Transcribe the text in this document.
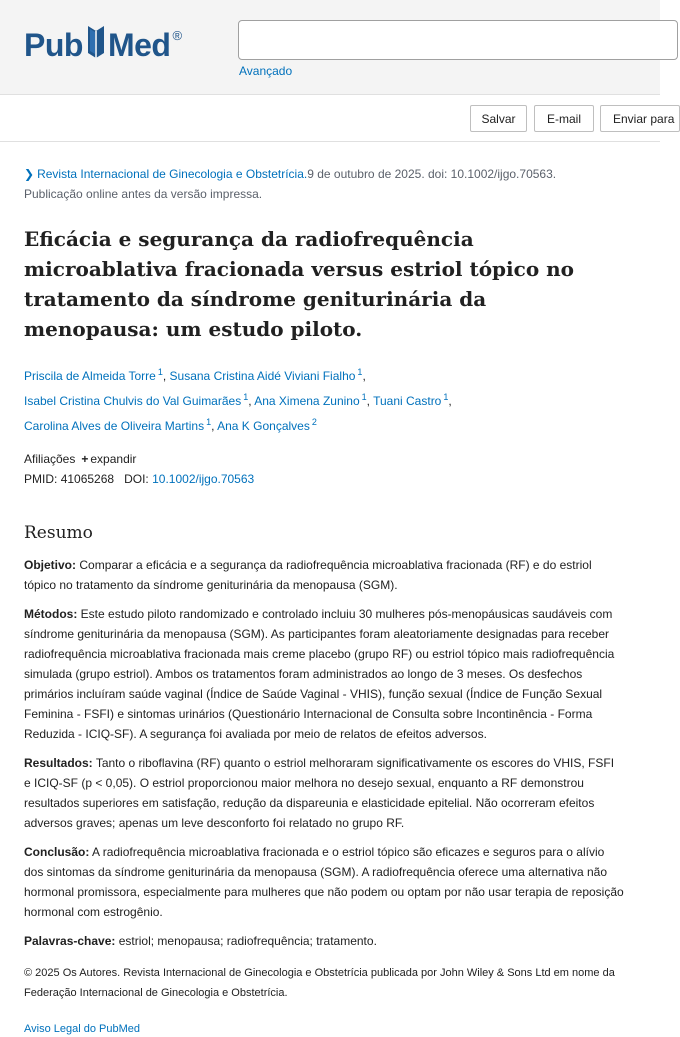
Pub Med ®
Avançado
Salvar	E-mail	Enviar para
❯ Revista Internacional de Ginecologia e Obstetrícia.9 de outubro de 2025. doi: 10.1002/ijgo.70563.
Publicação online antes da versão impressa.
Eficácia e segurança da radiofrequência microablativa fracionada versus estriol tópico no tratamento da síndrome geniturinária da menopausa: um estudo piloto.
Priscila de Almeida Torre $^1$, Susana Cristina Aidé Viviani Fialho $^1$,
Isabel Cristina Chulvis do Val Guimarães $^1$, Ana Ximena Zunino $^1$, Tuani Castro $^1$,
Carolina Alves de Oliveira Martins $^1$, Ana K Gonçalves $^2$
Afiliações + expandir
PMID: 41065268 DOI: 10.1002/ijgo.70563
Resumo

Objetivo: Comparar a eficácia e a segurança da radiofrequência microablativa fracionada (RF) e do estriol tópico no tratamento da síndrome geniturinária da menopausa (SGM).

Métodos: Este estudo piloto randomizado e controlado incluiu 30 mulheres pós-menopáusicas saudáveis com síndrome geniturinária da menopausa (SGM). As participantes foram aleatoriamente designadas para receber radiofrequência microablativa fracionada mais creme placebo (grupo RF) ou estriol tópico mais radiofrequência simulada (grupo estriol). Ambos os tratamentos foram administrados ao longo de 3 meses. Os desfechos primários incluíram saúde vaginal (Índice de Saúde Vaginal - VHIS), função sexual (Índice de Função Sexual Feminina - FSFI) e sintomas urinários (Questionário Internacional de Consulta sobre Incontinência - Forma Reduzida - ICIQ-SF). A segurança foi avaliada por meio de relatos de efeitos adversos.

Resultados: Tanto o riboflavina (RF) quanto o estriol melhoraram significativamente os escores do VHIS, FSFI e ICIQ-SF (p < 0,05). O estriol proporcionou maior melhora no desejo sexual, enquanto a RF demonstrou resultados superiores em satisfação, redução da dispareunia e elasticidade epitelial. Não ocorreram efeitos adversos graves; apenas um leve desconforto foi relatado no grupo RF.

Conclusão: A radiofrequência microablativa fracionada e o estriol tópico são eficazes e seguros para o alívio dos sintomas da síndrome geniturinária da menopausa (SGM). A radiofrequência oferece uma alternativa não hormonal promissora, especialmente para mulheres que não podem ou optam por não usar terapia de reposição hormonal com estrogênio.

Palavras-chave: estriol; menopausa; radiofrequência; tratamento.

© 2025 Os Autores. Revista Internacional de Ginecologia e Obstetrícia publicada por John Wiley & Sons Ltd em nome da Federação Internacional de Ginecologia e Obstetrícia.
Aviso Legal do PubMed
